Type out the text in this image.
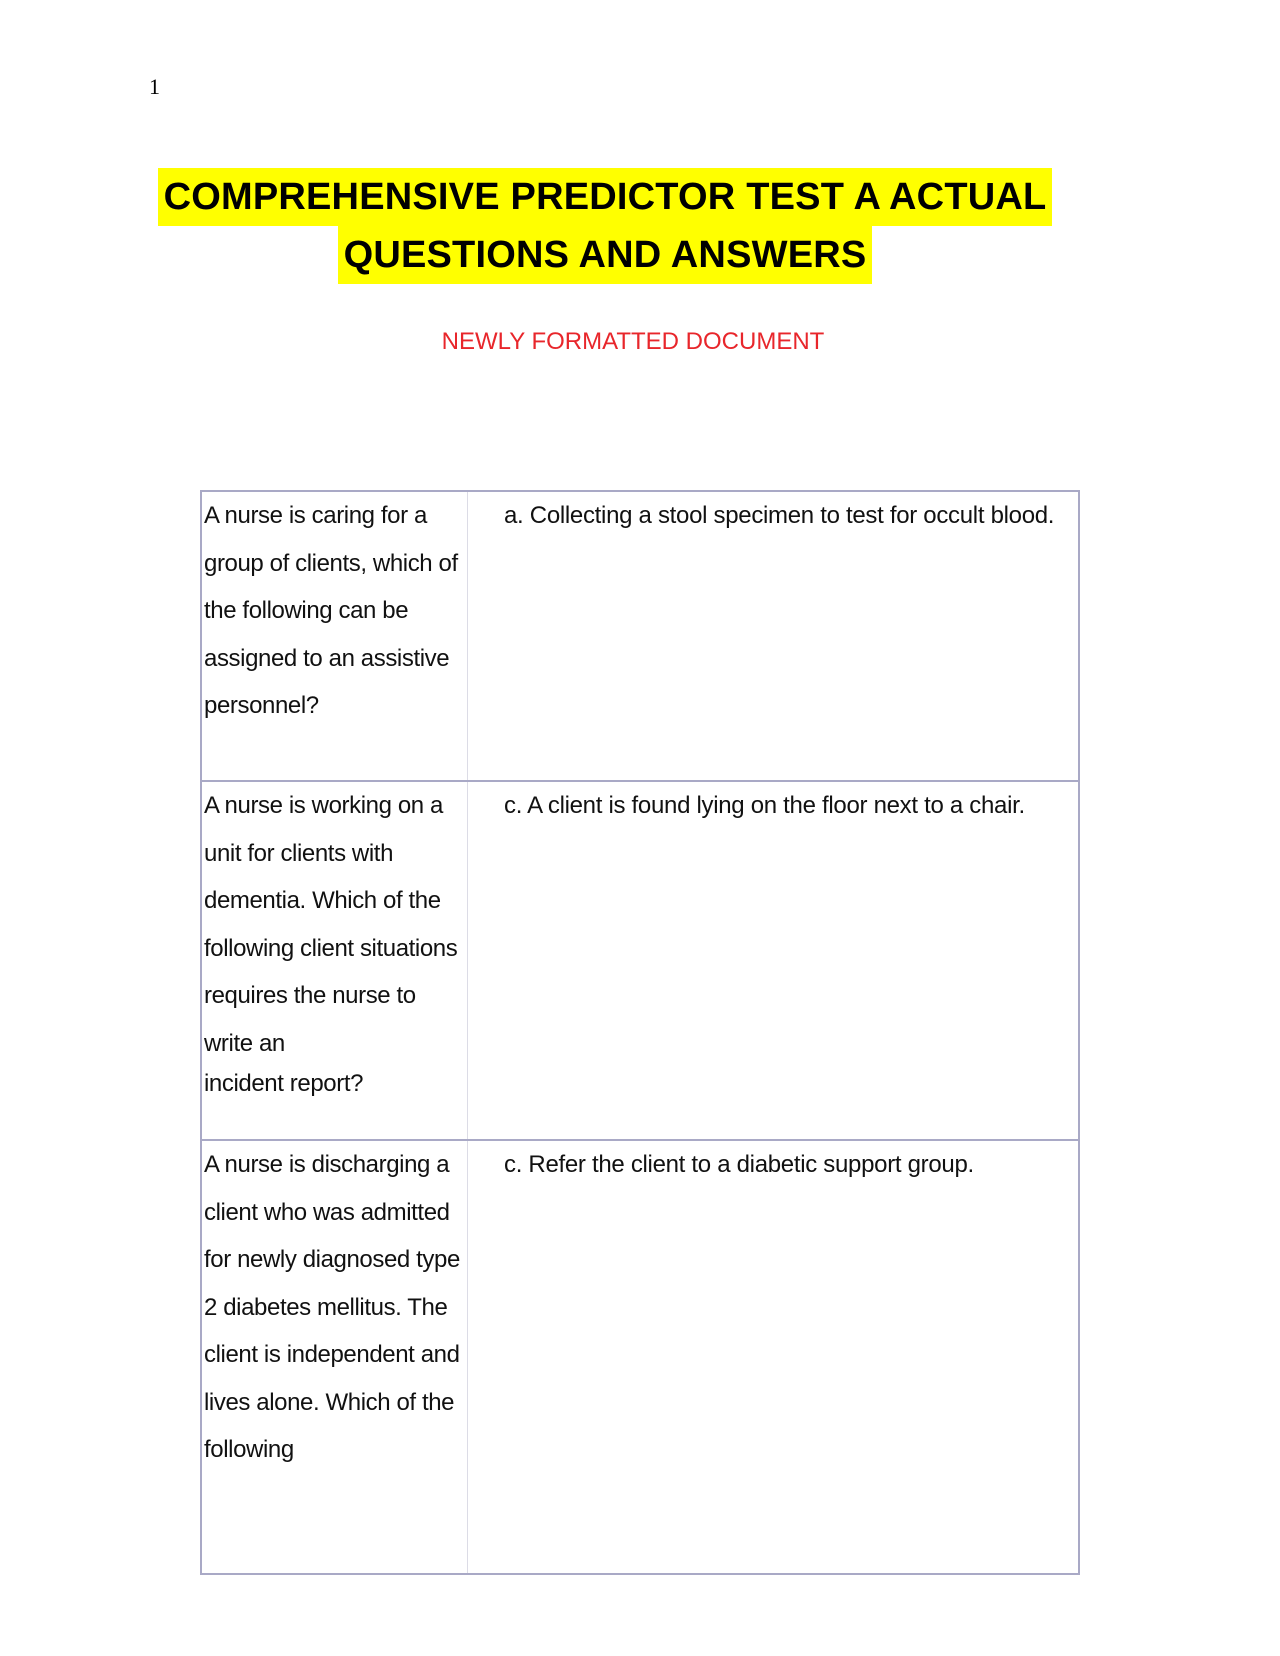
1
COMPREHENSIVE PREDICTOR TEST A ACTUAL
QUESTIONS AND ANSWERS
NEWLY FORMATTED DOCUMENT
A nurse is caring for a group of clients, which of the following can be assigned to an assistive personnel?	a. Collecting a stool specimen to test for occult blood.

A nurse is working on a unit for clients with dementia. Which of the following client situations requires the nurse to write an
incident report?	c. A client is found lying on the floor next to a chair.

A nurse is discharging a client who was admitted for newly diagnosed type 2 diabetes mellitus. The client is independent and lives alone. Which of the following	c. Refer the client to a diabetic support group.
